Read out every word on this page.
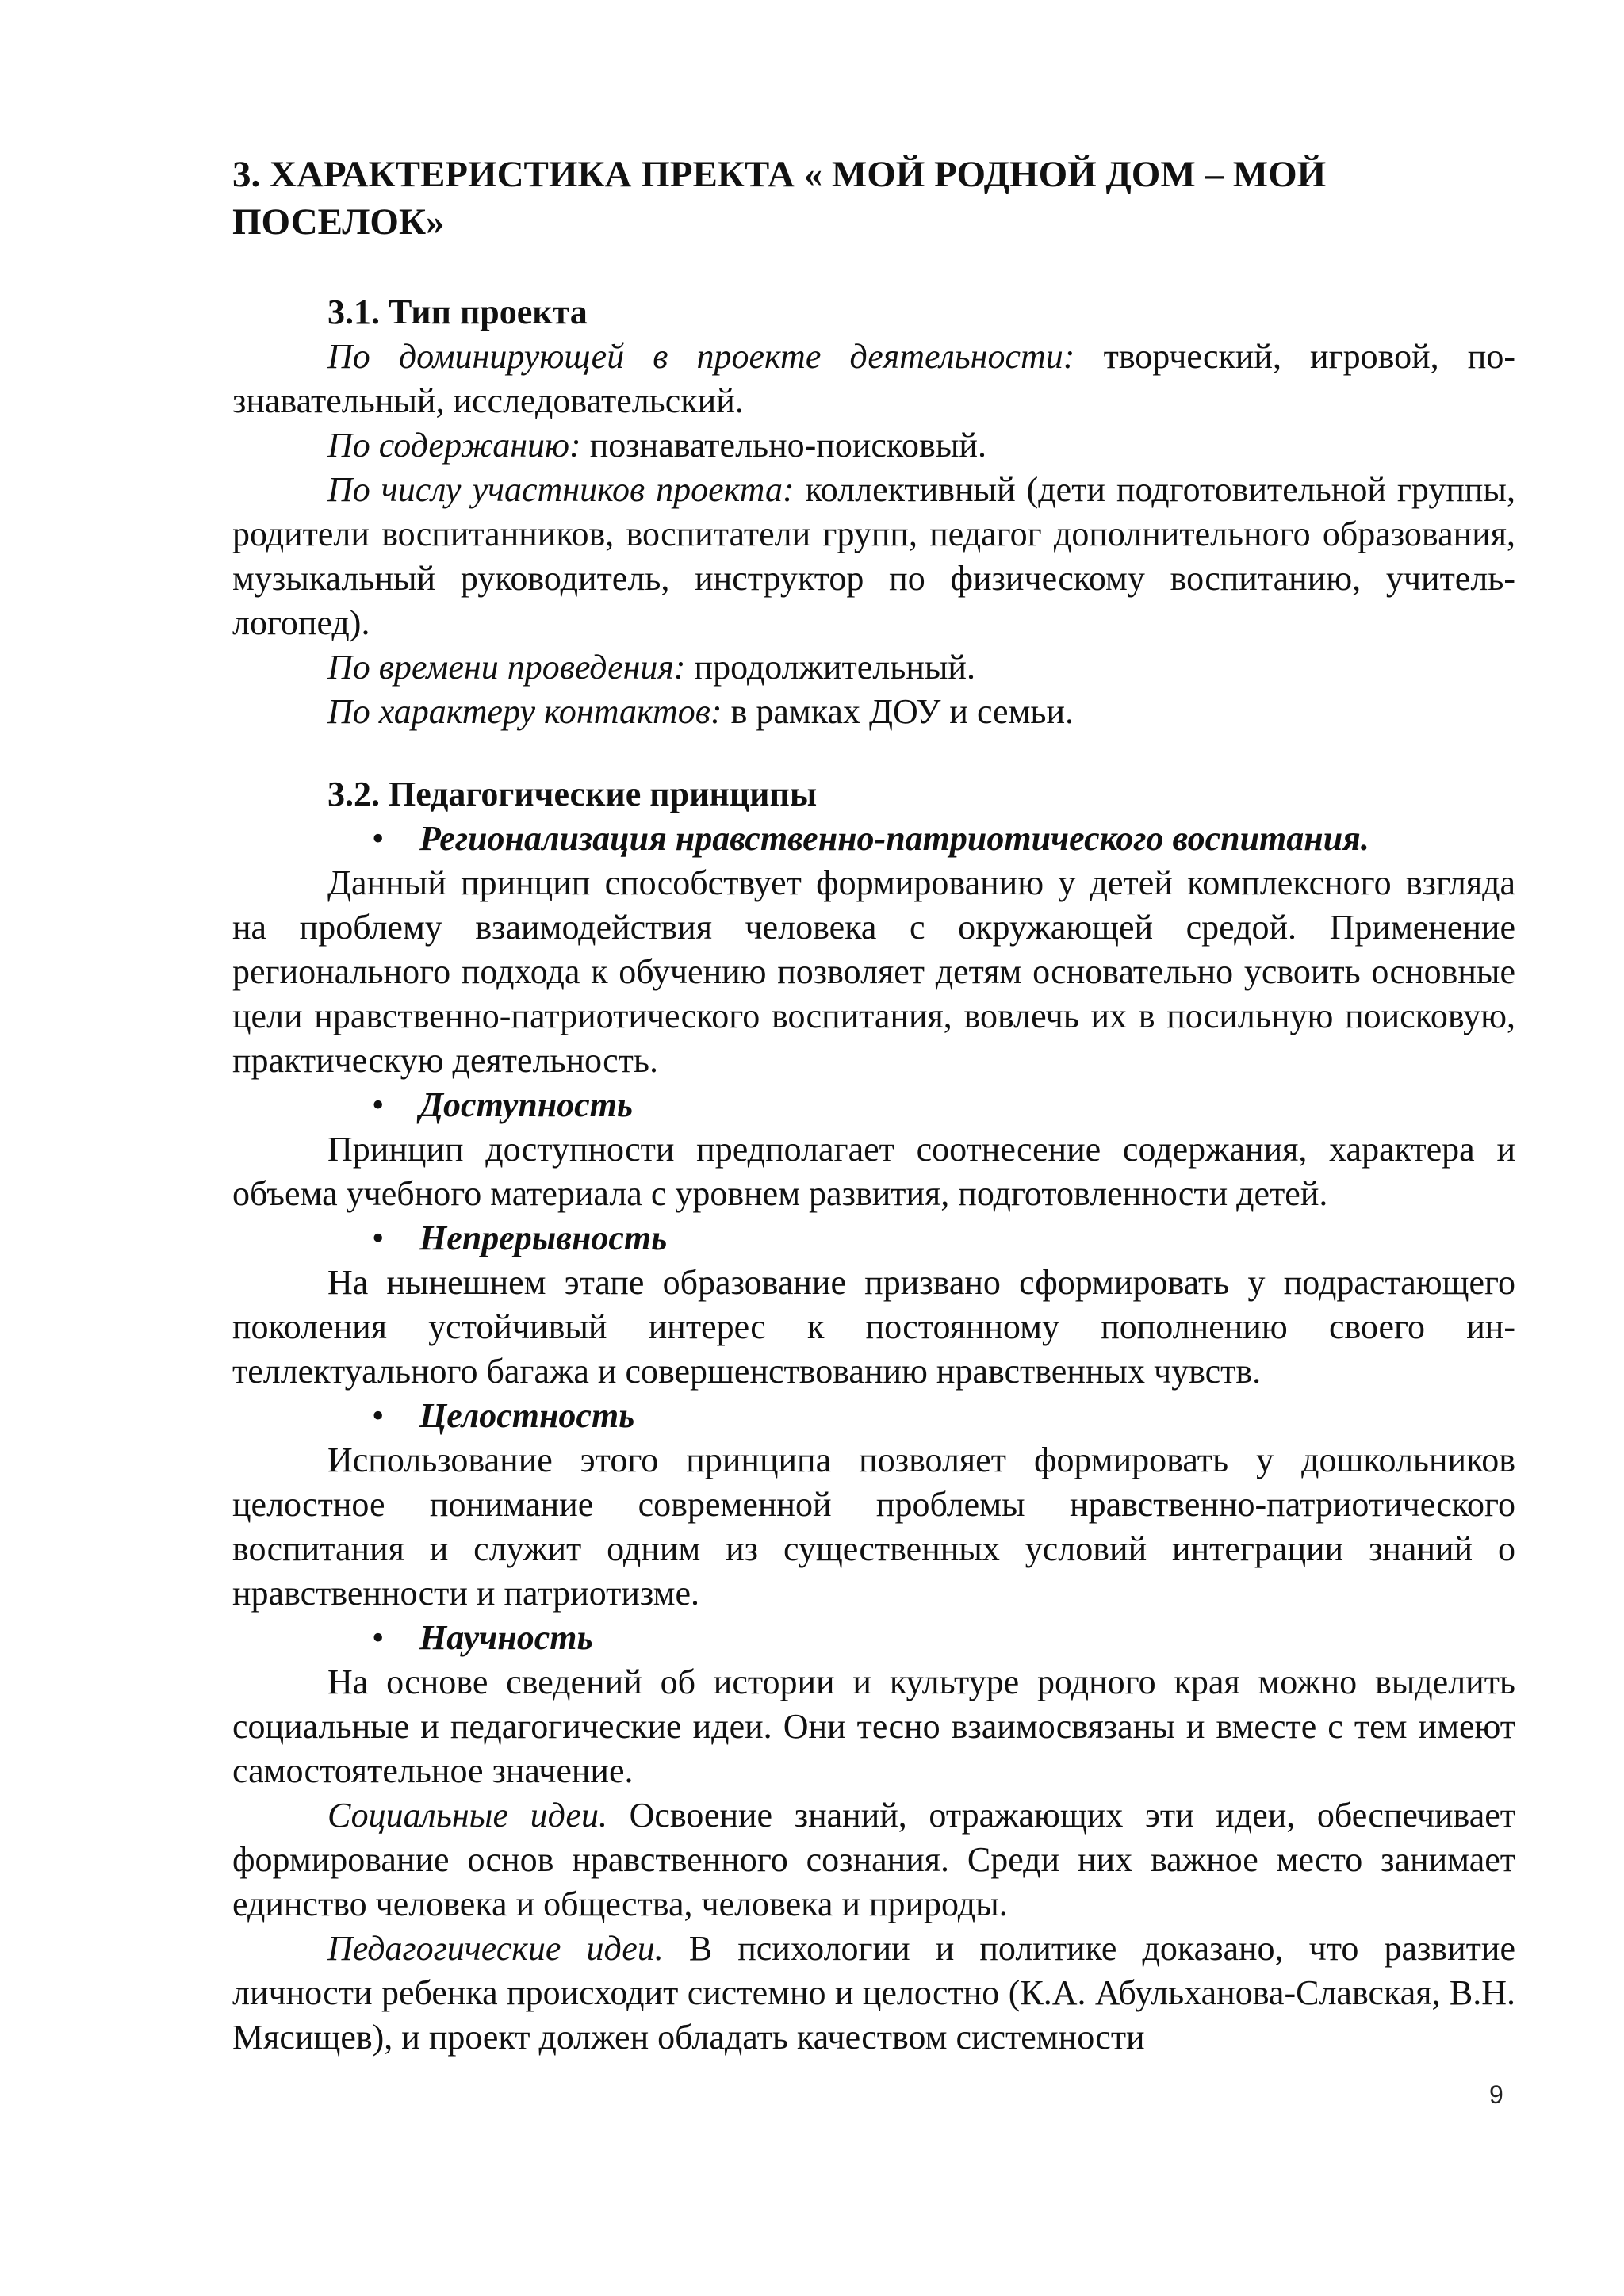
3. ХАРАКТЕРИСТИКА ПРЕКТА « МОЙ РОДНОЙ ДОМ – МОЙ
ПОСЕЛОК»
3.1. Тип проекта

По доминирующей в проекте деятельности: творческий, игровой, познавательный, исследовательский.

По содержанию: познавательно-поисковый.

По числу участников проекта: коллективный (дети подготовительной группы, родители воспитанников, воспитатели групп, педагог дополнительного образования, музыкальный руководитель, инструктор по физическому воспитанию, учитель-логопед).

По времени проведения: продолжительный.

По характеру контактов: в рамках ДОУ и семьи.

3.2. Педагогические принципы
•	Регионализация нравственно-патриотического воспитания.

Данный принцип способствует формированию у детей комплексного взгляда на проблему взаимодействия человека с окружающей средой. Применение регионального подхода к обучению позволяет детям основательно усвоить основные цели нравственно-патриотического воспитания, вовлечь их в посильную поисковую, практическую деятельность.

•	Доступность

Принцип доступности предполагает соотнесение содержания, характера и объема учебного материала с уровнем развития, подготовленности детей.

•	Непрерывность

На нынешнем этапе образование призвано сформировать у подрастающего поколения устойчивый интерес к постоянному пополнению своего интеллектуального багажа и совершенствованию нравственных чувств.

•	Целостность

Использование этого принципа позволяет формировать у дошкольников целостное понимание современной проблемы нравственно-патриотического воспитания и служит одним из существенных условий интеграции знаний о нравственности и патриотизме.

•	Научность

На основе сведений об истории и культуре родного края можно выделить социальные и педагогические идеи. Они тесно взаимосвязаны и вместе с тем имеют самостоятельное значение.

Социальные идеи. Освоение знаний, отражающих эти идеи, обеспечивает формирование основ нравственного сознания. Среди них важное место занимает единство человека и общества, человека и природы.

Педагогические идеи. В психологии и политике доказано, что развитие личности ребенка происходит системно и целостно (К.А. Абульханова-Славская, В.Н. Мясищев), и проект должен обладать качеством системности

9
